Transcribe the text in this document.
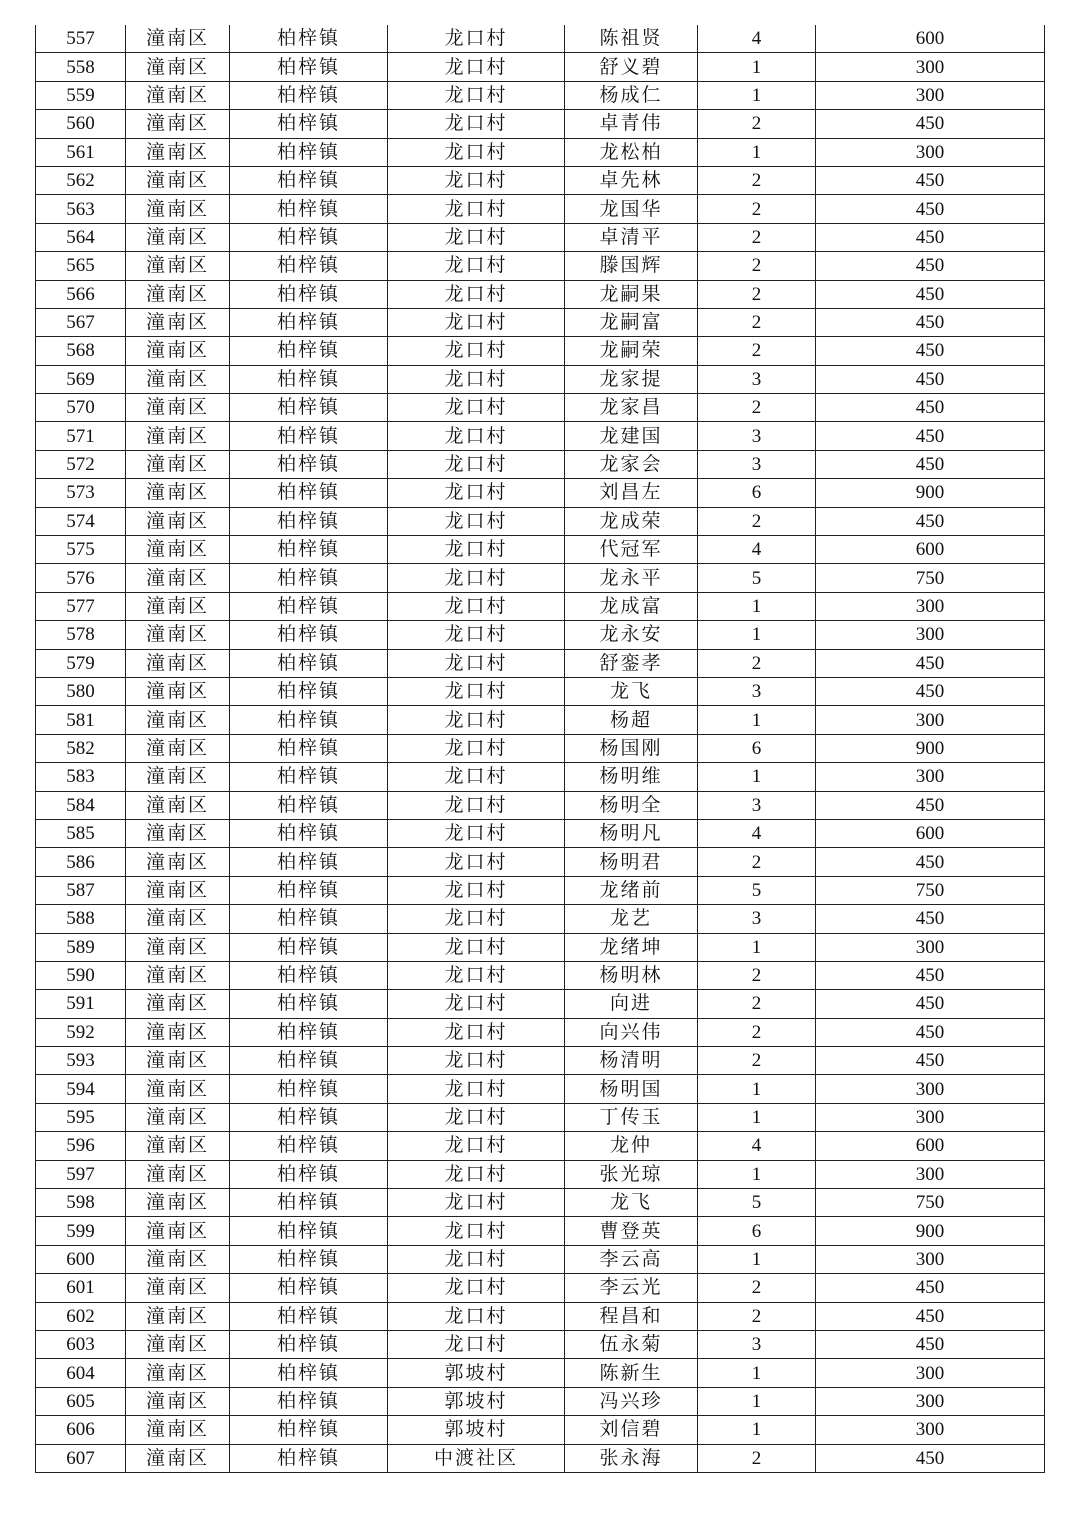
557	潼南区	柏梓镇	龙口村	陈祖贤	4	600
558	潼南区	柏梓镇	龙口村	舒义碧	1	300
559	潼南区	柏梓镇	龙口村	杨成仁	1	300
560	潼南区	柏梓镇	龙口村	卓青伟	2	450
561	潼南区	柏梓镇	龙口村	龙松柏	1	300
562	潼南区	柏梓镇	龙口村	卓先林	2	450
563	潼南区	柏梓镇	龙口村	龙国华	2	450
564	潼南区	柏梓镇	龙口村	卓清平	2	450
565	潼南区	柏梓镇	龙口村	滕国辉	2	450
566	潼南区	柏梓镇	龙口村	龙嗣果	2	450
567	潼南区	柏梓镇	龙口村	龙嗣富	2	450
568	潼南区	柏梓镇	龙口村	龙嗣荣	2	450
569	潼南区	柏梓镇	龙口村	龙家提	3	450
570	潼南区	柏梓镇	龙口村	龙家昌	2	450
571	潼南区	柏梓镇	龙口村	龙建国	3	450
572	潼南区	柏梓镇	龙口村	龙家会	3	450
573	潼南区	柏梓镇	龙口村	刘昌左	6	900
574	潼南区	柏梓镇	龙口村	龙成荣	2	450
575	潼南区	柏梓镇	龙口村	代冠军	4	600
576	潼南区	柏梓镇	龙口村	龙永平	5	750
577	潼南区	柏梓镇	龙口村	龙成富	1	300
578	潼南区	柏梓镇	龙口村	龙永安	1	300
579	潼南区	柏梓镇	龙口村	舒銮孝	2	450
580	潼南区	柏梓镇	龙口村	龙飞	3	450
581	潼南区	柏梓镇	龙口村	杨超	1	300
582	潼南区	柏梓镇	龙口村	杨国刚	6	900
583	潼南区	柏梓镇	龙口村	杨明维	1	300
584	潼南区	柏梓镇	龙口村	杨明全	3	450
585	潼南区	柏梓镇	龙口村	杨明凡	4	600
586	潼南区	柏梓镇	龙口村	杨明君	2	450
587	潼南区	柏梓镇	龙口村	龙绪前	5	750
588	潼南区	柏梓镇	龙口村	龙艺	3	450
589	潼南区	柏梓镇	龙口村	龙绪坤	1	300
590	潼南区	柏梓镇	龙口村	杨明林	2	450
591	潼南区	柏梓镇	龙口村	向进	2	450
592	潼南区	柏梓镇	龙口村	向兴伟	2	450
593	潼南区	柏梓镇	龙口村	杨清明	2	450
594	潼南区	柏梓镇	龙口村	杨明国	1	300
595	潼南区	柏梓镇	龙口村	丁传玉	1	300
596	潼南区	柏梓镇	龙口村	龙仲	4	600
597	潼南区	柏梓镇	龙口村	张光琼	1	300
598	潼南区	柏梓镇	龙口村	龙飞	5	750
599	潼南区	柏梓镇	龙口村	曹登英	6	900
600	潼南区	柏梓镇	龙口村	李云高	1	300
601	潼南区	柏梓镇	龙口村	李云光	2	450
602	潼南区	柏梓镇	龙口村	程昌和	2	450
603	潼南区	柏梓镇	龙口村	伍永菊	3	450
604	潼南区	柏梓镇	郭坡村	陈新生	1	300
605	潼南区	柏梓镇	郭坡村	冯兴珍	1	300
606	潼南区	柏梓镇	郭坡村	刘信碧	1	300
607	潼南区	柏梓镇	中渡社区	张永海	2	450
